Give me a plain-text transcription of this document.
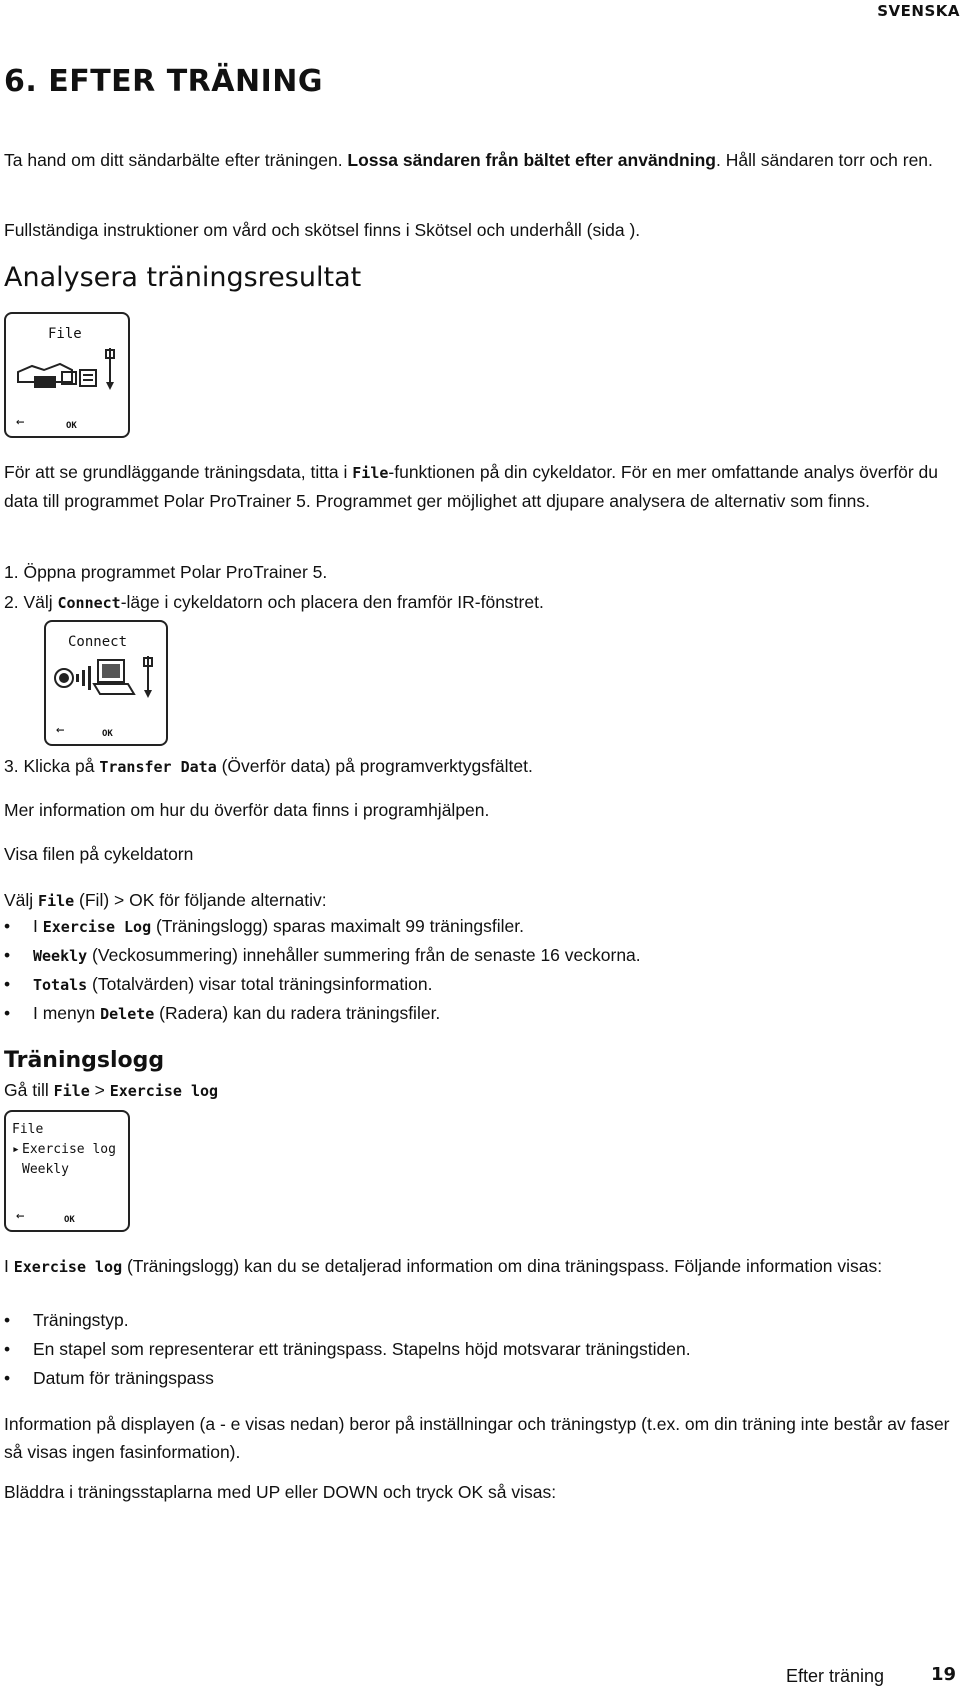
SVENSKA
6. EFTER TRÄNING
Ta hand om ditt sändarbälte efter träningen. Lossa sändaren från bältet efter användning. Håll sändaren torr och ren.
Fullständiga instruktioner om vård och skötsel finns i Skötsel och underhåll (sida ).
Analysera träningsresultat
File
←	OK
För att se grundläggande träningsdata, titta i File-funktionen på din cykeldator. För en mer omfattande analys överför du data till programmet Polar ProTrainer 5. Programmet ger möjlighet att djupare analysera de alternativ som finns.
1. Öppna programmet Polar ProTrainer 5.
2. Välj Connect-läge i cykeldatorn och placera den framför IR-fönstret.
Connect
←	OK
3. Klicka på Transfer Data (Överför data) på programverktygsfältet.
Mer information om hur du överför data finns i programhjälpen.
Visa filen på cykeldatorn
Välj File (Fil) > OK för följande alternativ:
• I Exercise Log (Träningslogg) sparas maximalt 99 träningsfiler.
• Weekly (Veckosummering) innehåller summering från de senaste 16 veckorna.
• Totals (Totalvärden) visar total träningsinformation.
• I menyn Delete (Radera) kan du radera träningsfiler.
Träningslogg
Gå till File > Exercise log
File
▸ Exercise log
Weekly
←	OK
I Exercise log (Träningslogg) kan du se detaljerad information om dina träningspass. Följande information visas:
• Träningstyp.
• En stapel som representerar ett träningspass. Stapelns höjd motsvarar träningstiden.
• Datum för träningspass
Information på displayen (a - e visas nedan) beror på inställningar och träningstyp (t.ex. om din träning inte består av faser så visas ingen fasinformation).
Bläddra i träningsstaplarna med UP eller DOWN och tryck OK så visas:
Efter träning	19
